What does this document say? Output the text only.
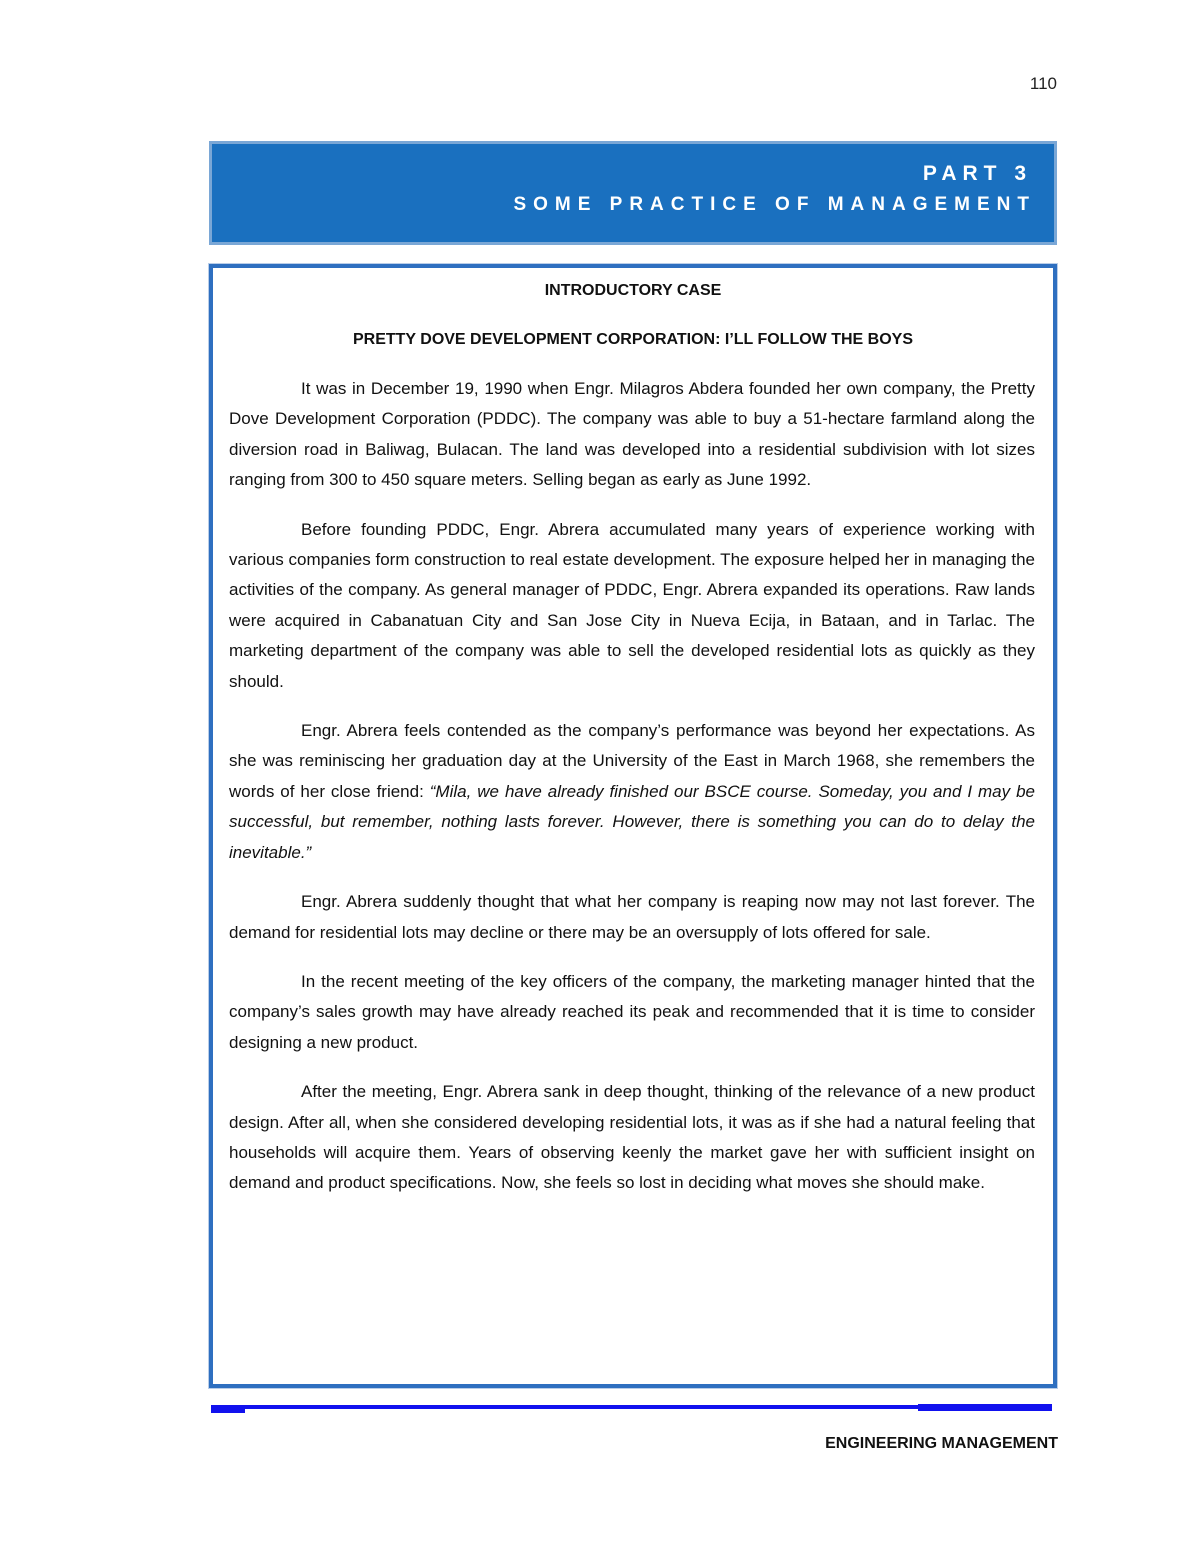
110
PART 3
SOME PRACTICE OF MANAGEMENT
INTRODUCTORY CASE
PRETTY DOVE DEVELOPMENT CORPORATION: I’LL FOLLOW THE BOYS

It was in December 19, 1990 when Engr. Milagros Abdera founded her own company, the Pretty Dove Development Corporation (PDDC). The company was able to buy a 51-hectare farmland along the diversion road in Baliwag, Bulacan. The land was developed into a residential subdivision with lot sizes ranging from 300 to 450 square meters. Selling began as early as June 1992.

Before founding PDDC, Engr. Abrera accumulated many years of experience working with various companies form construction to real estate development. The exposure helped her in managing the activities of the company. As general manager of PDDC, Engr. Abrera expanded its operations. Raw lands were acquired in Cabanatuan City and San Jose City in Nueva Ecija, in Bataan, and in Tarlac. The marketing department of the company was able to sell the developed residential lots as quickly as they should.

Engr. Abrera feels contended as the company’s performance was beyond her expectations. As she was reminiscing her graduation day at the University of the East in March 1968, she remembers the words of her close friend: “Mila, we have already finished our BSCE course. Someday, you and I may be successful, but remember, nothing lasts forever. However, there is something you can do to delay the inevitable.”

Engr. Abrera suddenly thought that what her company is reaping now may not last forever. The demand for residential lots may decline or there may be an oversupply of lots offered for sale.

In the recent meeting of the key officers of the company, the marketing manager hinted that the company’s sales growth may have already reached its peak and recommended that it is time to consider designing a new product.

After the meeting, Engr. Abrera sank in deep thought, thinking of the relevance of a new product design. After all, when she considered developing residential lots, it was as if she had a natural feeling that households will acquire them. Years of observing keenly the market gave her with sufficient insight on demand and product specifications. Now, she feels so lost in deciding what moves she should make.

ENGINEERING MANAGEMENT
